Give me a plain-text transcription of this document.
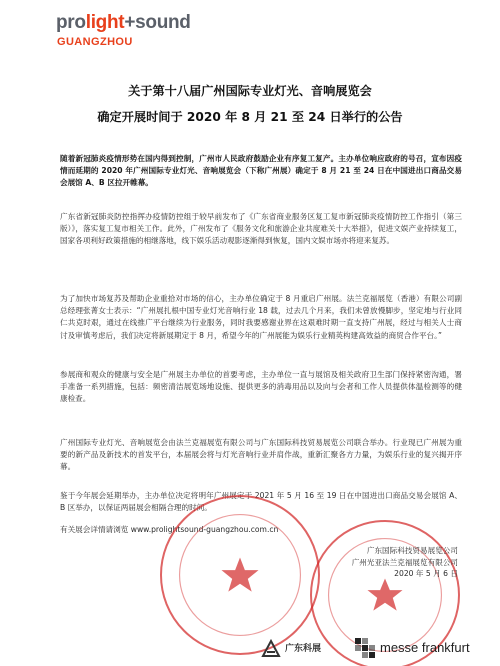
prolight+sound
GUANGZHOU
关于第十八届广州国际专业灯光、音响展览会
确定开展时间于 2020 年 8 月 21 至 24 日举行的公告
随着新冠肺炎疫情形势在国内得到控制，广州市人民政府鼓励企业有序复工复产。主办单位响应政府的号召，宣布因疫情而延期的 2020 年广州国际专业灯光、音响展览会（下称广州展）确定于 8 月 21 至 24 日在中国进出口商品交易会展馆 A、B 区拉开帷幕。
广东省新冠肺炎防控指挥办疫情防控组于较早前发布了《广东省商业服务区复工复市新冠肺炎疫情防控工作指引（第三版）》，落实复工复市相关工作。此外，广州发布了《服务文化和旅游企业共度难关十大举措》，促进文娱产业持续复工，国家各项利好政策措施的相继落地，线下娱乐活动观影逐渐得到恢复，国内文娱市场亦将迎来复苏。
为了加快市场复苏及帮助企业重拾对市场的信心，主办单位确定于 8 月重启广州展。法兰克福展览（香港）有限公司副总经理张菁女士表示：“广州展扎根中国专业灯光音响行业 18 载，过去几个月来，我们未曾放慢脚步，坚定地与行业同仁共克时艰，通过在线推广平台继续为行业服务，同时我要感谢业界在这艰难时期一直支持广州展，经过与相关人士商讨及审慎考虑后，我们决定将新展期定于 8 月，希望今年的广州展能为娱乐行业精英构建高效益的商贸合作平台。”
参展商和观众的健康与安全是广州展主办单位的首要考虑，主办单位一直与展馆及相关政府卫生部门保持紧密沟通，署手准备一系列措施，包括：频密清洁展览场地设施、提供更多的消毒用品以及向与会者和工作人员提供体温检测等的健康检查。
广州国际专业灯光、音响展览会由法兰克福展览有限公司与广东国际科技贸易展览公司联合举办。行业现已广州展为重要的新产品及新技术的首发平台，本届展会将与灯光音响行业并肩作战，重新汇聚各方力量，为娱乐行业的复兴揭开序幕。
鉴于今年展会延期举办，主办单位决定将明年广州展定于 2021 年 5 月 16 至 19 日在中国进出口商品交易会展馆 A、B 区举办，以保证两届展会相隔合理的时间。
有关展会详情请浏览 www.prolightsound-guangzhou.com.cn
广东国际科技贸易展览公司
广州光亚法兰克福展览有限公司
2020 年 5 月 6 日
广东科展	messe frankfurt
